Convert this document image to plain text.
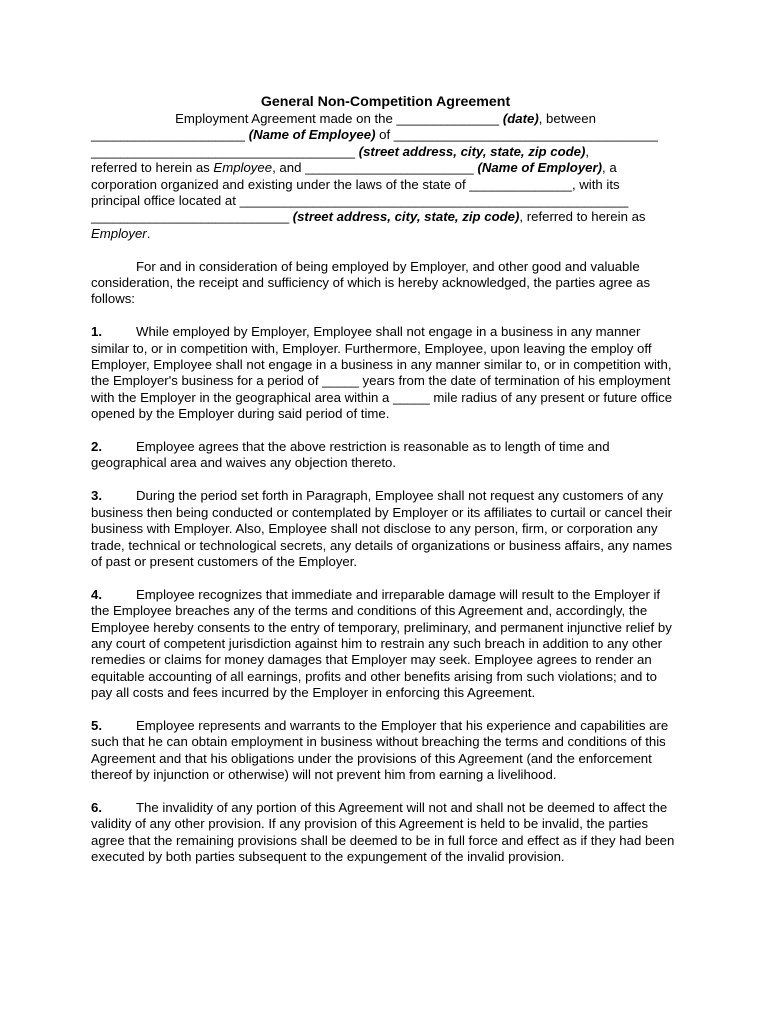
General Non-Competition Agreement

Employment Agreement made on the ______________ (date), between
_____________________ (Name of Employee) of ____________________________________
____________________________________ (street address, city, state, zip code),
referred to herein as Employee, and _______________________ (Name of Employer), a
corporation organized and existing under the laws of the state of ______________, with its
principal office located at _____________________________________________________
___________________________ (street address, city, state, zip code), referred to herein as
Employer.

For and in consideration of being employed by Employer, and other good and valuable consideration, the receipt and sufficiency of which is hereby acknowledged, the parties agree as follows:

1.	While employed by Employer, Employee shall not engage in a business in any manner similar to, or in competition with, Employer. Furthermore, Employee, upon leaving the employ off Employer, Employee shall not engage in a business in any manner similar to, or in competition with, the Employer's business for a period of _____ years from the date of termination of his employment with the Employer in the geographical area within a _____ mile radius of any present or future office opened by the Employer during said period of time.

2.	Employee agrees that the above restriction is reasonable as to length of time and geographical area and waives any objection thereto.

3.	During the period set forth in Paragraph, Employee shall not request any customers of any business then being conducted or contemplated by Employer or its affiliates to curtail or cancel their business with Employer. Also, Employee shall not disclose to any person, firm, or corporation any trade, technical or technological secrets, any details of organizations or business affairs, any names of past or present customers of the Employer.

4.	Employee recognizes that immediate and irreparable damage will result to the Employer if the Employee breaches any of the terms and conditions of this Agreement and, accordingly, the Employee hereby consents to the entry of temporary, preliminary, and permanent injunctive relief by any court of competent jurisdiction against him to restrain any such breach in addition to any other remedies or claims for money damages that Employer may seek. Employee agrees to render an equitable accounting of all earnings, profits and other benefits arising from such violations; and to pay all costs and fees incurred by the Employer in enforcing this Agreement.

5.	Employee represents and warrants to the Employer that his experience and capabilities are such that he can obtain employment in business without breaching the terms and conditions of this Agreement and that his obligations under the provisions of this Agreement (and the enforcement thereof by injunction or otherwise) will not prevent him from earning a livelihood.

6.	The invalidity of any portion of this Agreement will not and shall not be deemed to affect the validity of any other provision. If any provision of this Agreement is held to be invalid, the parties agree that the remaining provisions shall be deemed to be in full force and effect as if they had been executed by both parties subsequent to the expungement of the invalid provision.
